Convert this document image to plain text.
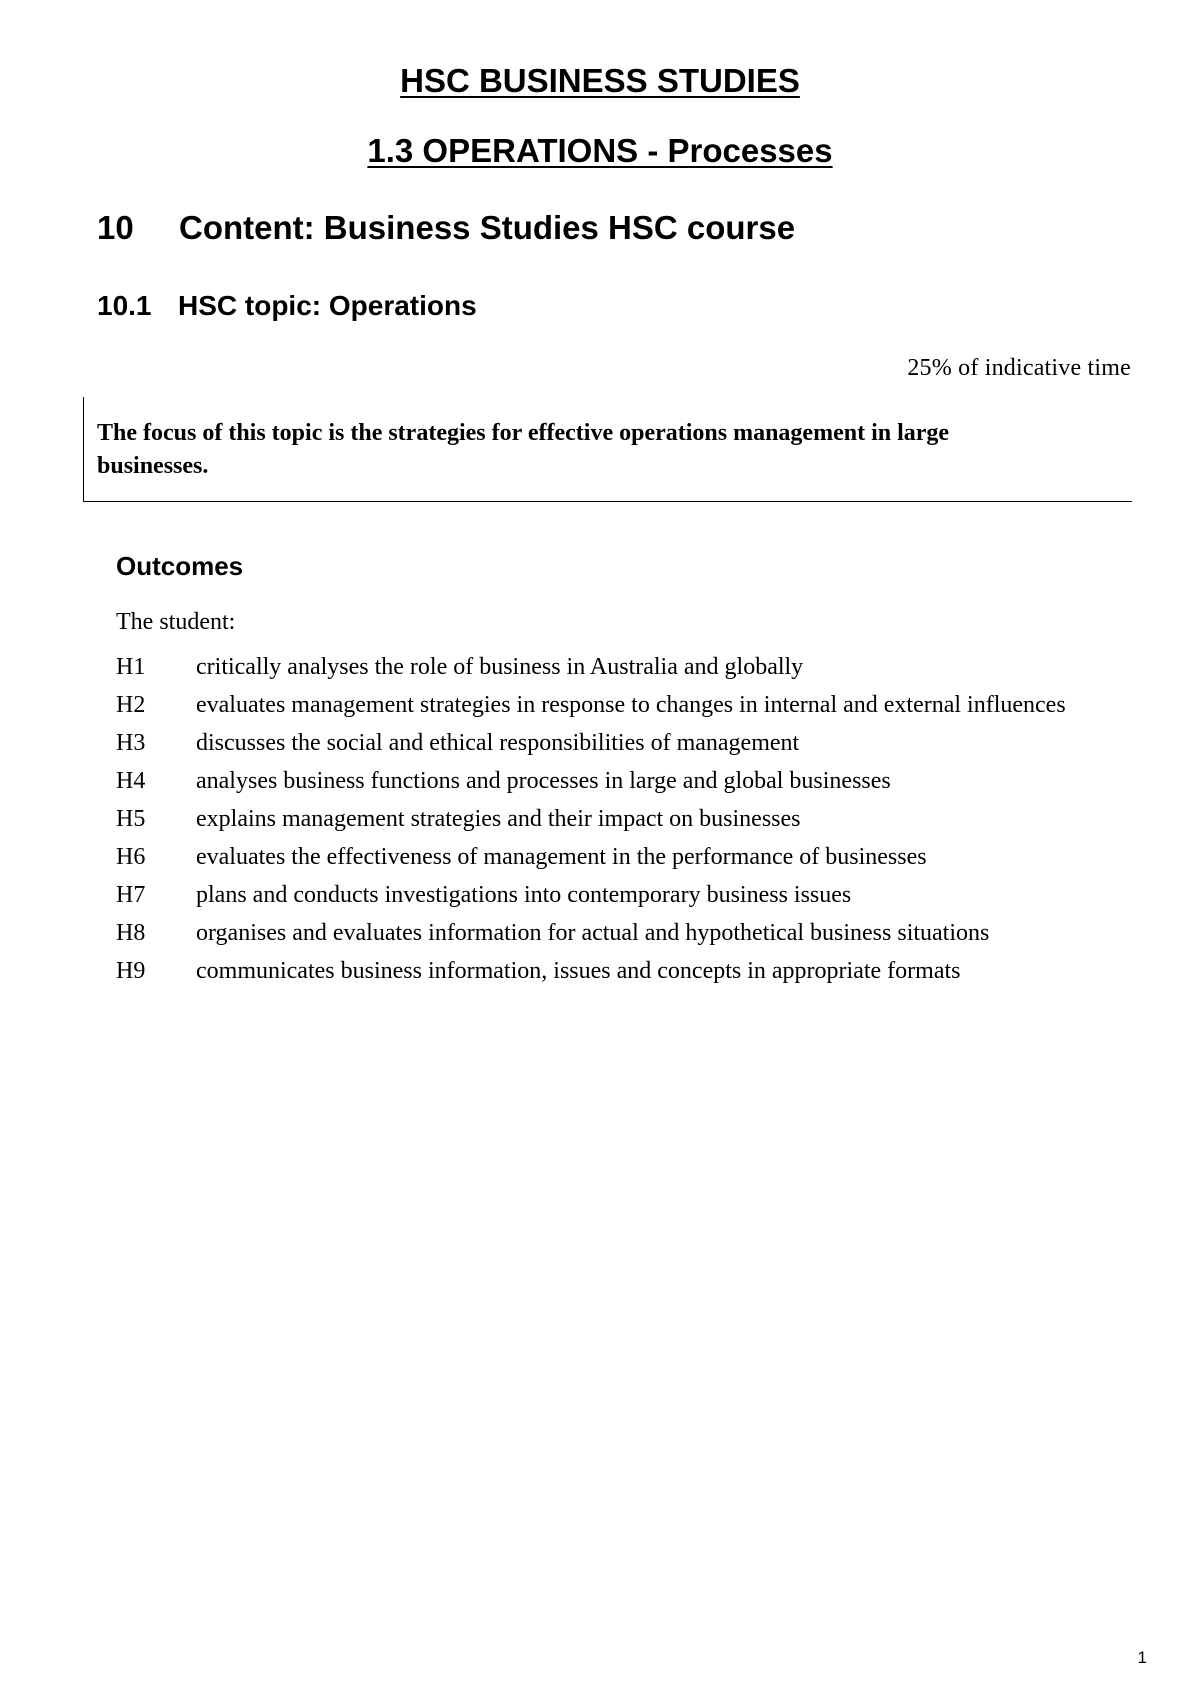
HSC BUSINESS STUDIES
1.3 OPERATIONS - Processes
10 Content: Business Studies HSC course
10.1 HSC topic: Operations
25% of indicative time

The focus of this topic is the strategies for effective operations management in large businesses.

Outcomes
The student:
H1	critically analyses the role of business in Australia and globally
H2	evaluates management strategies in response to changes in internal and external influences
H3	discusses the social and ethical responsibilities of management
H4	analyses business functions and processes in large and global businesses
H5	explains management strategies and their impact on businesses
H6	evaluates the effectiveness of management in the performance of businesses
H7	plans and conducts investigations into contemporary business issues
H8	organises and evaluates information for actual and hypothetical business situations
H9	communicates business information, issues and concepts in appropriate formats
1
